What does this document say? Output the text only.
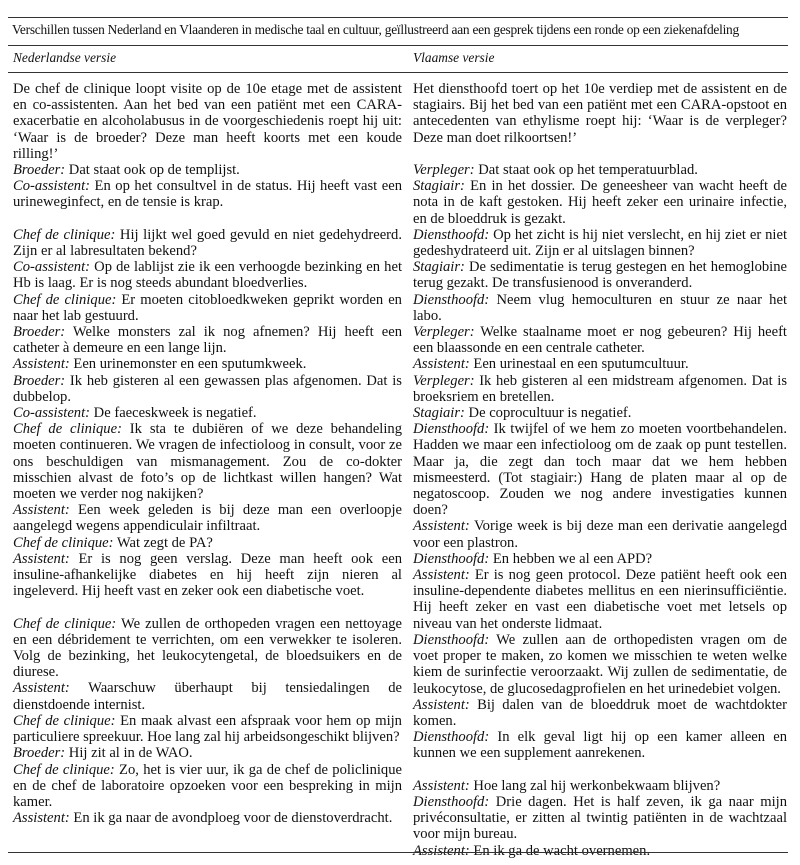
Verschillen tussen Nederland en Vlaanderen in medische taal en cultuur, geïllustreerd aan een gesprek tijdens een ronde op een ziekenafdeling
Nederlandse versie	Vlaamse versie

De chef de clinique loopt visite op de 10e etage met de assistent en co-assistenten. Aan het bed van een patiënt met een CARA-exacerbatie en alcoholabusus in de voorgeschiedenis roept hij uit: ‘Waar is de broeder? Deze man heeft koorts met een koude rilling!’

Broeder: Dat staat ook op de templijst.

Co-assistent: En op het consultvel in de status. Hij heeft vast een urineweginfect, en de tensie is krap.

Chef de clinique: Hij lijkt wel goed gevuld en niet gedehydreerd. Zijn er al labresultaten bekend?

Co-assistent: Op de lablijst zie ik een verhoogde bezinking en het Hb is laag. Er is nog steeds abundant bloedverlies.

Chef de clinique: Er moeten citobloedkweken geprikt worden en naar het lab gestuurd.

Broeder: Welke monsters zal ik nog afnemen? Hij heeft een catheter à demeure en een lange lijn.

Assistent: Een urinemonster en een sputumkweek.

Broeder: Ik heb gisteren al een gewassen plas afgenomen. Dat is dubbelop.

Co-assistent: De faeceskweek is negatief.

Chef de clinique: Ik sta te dubiëren of we deze behandeling moeten continueren. We vragen de infectioloog in consult, voor ze ons beschuldigen van mismanagement. Zou de co-dokter misschien alvast de foto’s op de lichtkast willen hangen? Wat moeten we verder nog nakijken?

Assistent: Een week geleden is bij deze man een overloopje aangelegd wegens appendiculair infiltraat.

Chef de clinique: Wat zegt de PA?

Assistent: Er is nog geen verslag. Deze man heeft ook een insuline-afhankelijke diabetes en hij heeft zijn nieren al ingeleverd. Hij heeft vast en zeker ook een diabetische voet.

Chef de clinique: We zullen de orthopeden vragen een nettoyage en een débridement te verrichten, om een verwekker te isoleren. Volg de bezinking, het leukocytengetal, de bloedsuikers en de diurese.

Assistent: Waarschuw überhaupt bij tensiedalingen de dienstdoende internist.

Chef de clinique: En maak alvast een afspraak voor hem op mijn particuliere spreekuur. Hoe lang zal hij arbeidsongeschikt blijven?

Broeder: Hij zit al in de WAO.

Chef de clinique: Zo, het is vier uur, ik ga de chef de policlinique en de chef de laboratoire opzoeken voor een bespreking in mijn kamer.

Assistent: En ik ga naar de avondploeg voor de dienstoverdracht.

Het diensthoofd toert op het 10e verdiep met de assistent en de stagiairs. Bij het bed van een patiënt met een CARA-opstoot en antecedenten van ethylisme roept hij: ‘Waar is de verpleger? Deze man doet rilkoortsen!’

Verpleger: Dat staat ook op het temperatuurblad.

Stagiair: En in het dossier. De geneesheer van wacht heeft de nota in de kaft gestoken. Hij heeft zeker een urinaire infectie, en de bloeddruk is gezakt.

Diensthoofd: Op het zicht is hij niet verslecht, en hij ziet er niet gedeshydrateerd uit. Zijn er al uitslagen binnen?

Stagiair: De sedimentatie is terug gestegen en het hemoglobine terug gezakt. De transfusienood is onveranderd.

Diensthoofd: Neem vlug hemoculturen en stuur ze naar het labo.

Verpleger: Welke staalname moet er nog gebeuren? Hij heeft een blaassonde en een centrale catheter.

Assistent: Een urinestaal en een sputumcultuur.

Verpleger: Ik heb gisteren al een midstream afgenomen. Dat is broeksriem en bretellen.

Stagiair: De coprocultuur is negatief.

Diensthoofd: Ik twijfel of we hem zo moeten voortbehandelen. Hadden we maar een infectioloog om de zaak op punt testellen. Maar ja, die zegt dan toch maar dat we hem hebben mismeesterd. (Tot stagiair:) Hang de platen maar al op de negatoscoop. Zouden we nog andere investigaties kunnen doen?

Assistent: Vorige week is bij deze man een derivatie aangelegd voor een plastron.

Diensthoofd: En hebben we al een APD?

Assistent: Er is nog geen protocol. Deze patiënt heeft ook een insuline-dependente diabetes mellitus en een nierinsufficiëntie. Hij heeft zeker en vast een diabetische voet met letsels op niveau van het onderste lidmaat.

Diensthoofd: We zullen aan de orthopedisten vragen om de voet proper te maken, zo komen we misschien te weten welke kiem de surinfectie veroorzaakt. Wij zullen de sedimentatie, de leukocytose, de glucosedagprofielen en het urinedebiet volgen.

Assistent: Bij dalen van de bloeddruk moet de wachtdokter komen.

Diensthoofd: In elk geval ligt hij op een kamer alleen en kunnen we een supplement aanrekenen.

Assistent: Hoe lang zal hij werkonbekwaam blijven?

Diensthoofd: Drie dagen. Het is half zeven, ik ga naar mijn privéconsultatie, er zitten al twintig patiënten in de wachtzaal voor mijn bureau.

Assistent: En ik ga de wacht overnemen.
